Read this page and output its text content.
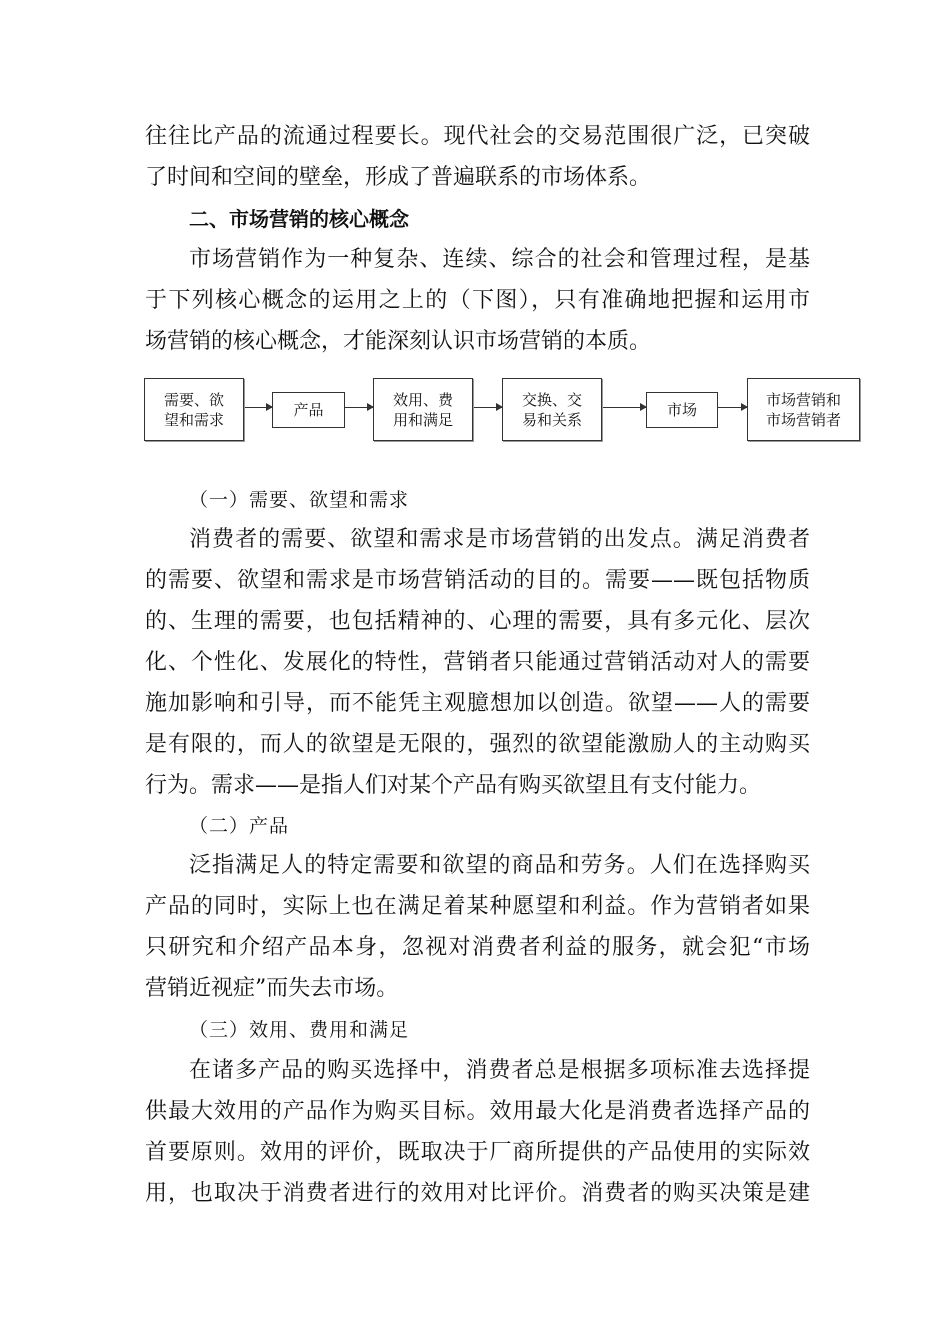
往往比产品的流通过程要长。现代社会的交易范围很广泛，已突破
了时间和空间的壁垒，形成了普遍联系的市场体系。
二、市场营销的核心概念
市场营销作为一种复杂、连续、综合的社会和管理过程，是基
于下列核心概念的运用之上的（下图），只有准确地把握和运用市
场营销的核心概念，才能深刻认识市场营销的本质。
需要、欲
望和需求
产品
效用、费
用和满足
交换、交
易和关系
市场
市场营销和
市场营销者
（一）需要、欲望和需求
消费者的需要、欲望和需求是市场营销的出发点。满足消费者
的需要、欲望和需求是市场营销活动的目的。需要——既包括物质
的、生理的需要，也包括精神的、心理的需要，具有多元化、层次
化、个性化、发展化的特性，营销者只能通过营销活动对人的需要
施加影响和引导，而不能凭主观臆想加以创造。欲望——人的需要
是有限的，而人的欲望是无限的，强烈的欲望能激励人的主动购买
行为。需求——是指人们对某个产品有购买欲望且有支付能力。
（二）产品
泛指满足人的特定需要和欲望的商品和劳务。人们在选择购买
产品的同时，实际上也在满足着某种愿望和利益。作为营销者如果
只研究和介绍产品本身，忽视对消费者利益的服务，就会犯“市场
营销近视症”而失去市场。
（三）效用、费用和满足
在诸多产品的购买选择中，消费者总是根据多项标准去选择提
供最大效用的产品作为购买目标。效用最大化是消费者选择产品的
首要原则。效用的评价，既取决于厂商所提供的产品使用的实际效
用，也取决于消费者进行的效用对比评价。消费者的购买决策是建
